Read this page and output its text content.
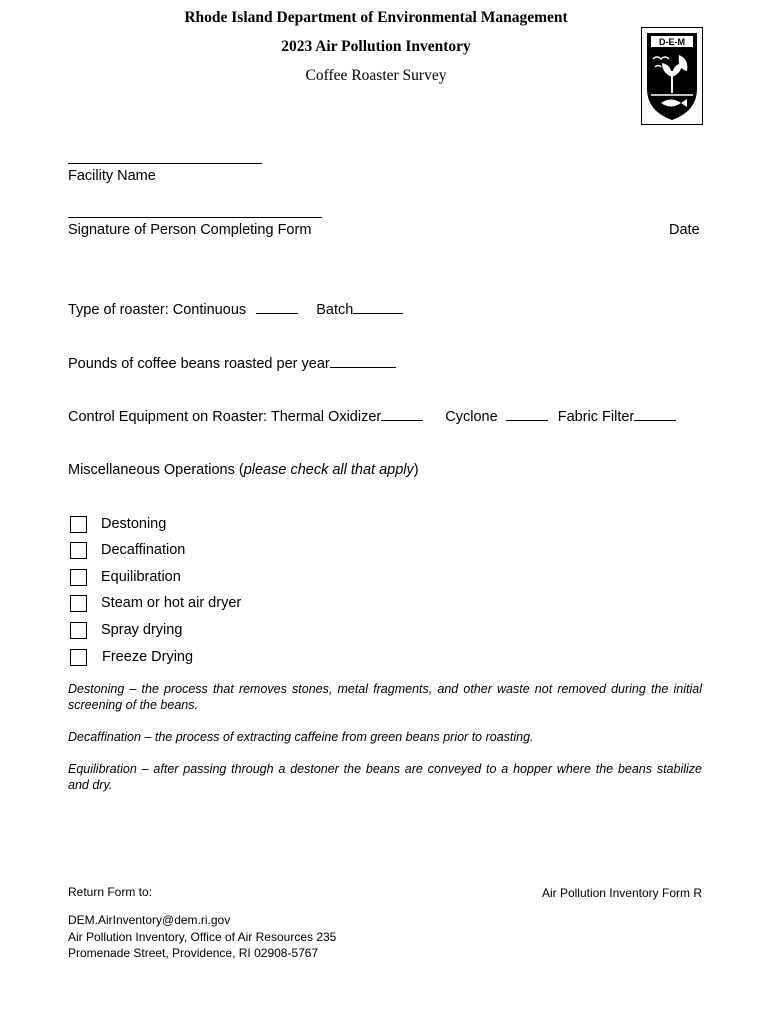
Rhode Island Department of Environmental Management
2023 Air Pollution Inventory
Coffee Roaster Survey
D-E-M
Facility Name
Signature of Person Completing Form	Date
Type of roaster: Continuous	Batch
Pounds of coffee beans roasted per year
Control Equipment on Roaster: Thermal Oxidizer	Cyclone	Fabric Filter
Miscellaneous Operations (please check all that apply)
Destoning
Decaffination
Equilibration
Steam or hot air dryer
Spray drying
Freeze Drying
Destoning – the process that removes stones, metal fragments, and other waste not removed during the initial screening of the beans.
Decaffination – the process of extracting caffeine from green beans prior to roasting.
Equilibration – after passing through a destoner the beans are conveyed to a hopper where the beans stabilize and dry.
Return Form to:	Air Pollution Inventory Form R
DEM.AirInventory@dem.ri.gov
Air Pollution Inventory, Office of Air Resources 235
Promenade Street, Providence, RI 02908-5767
